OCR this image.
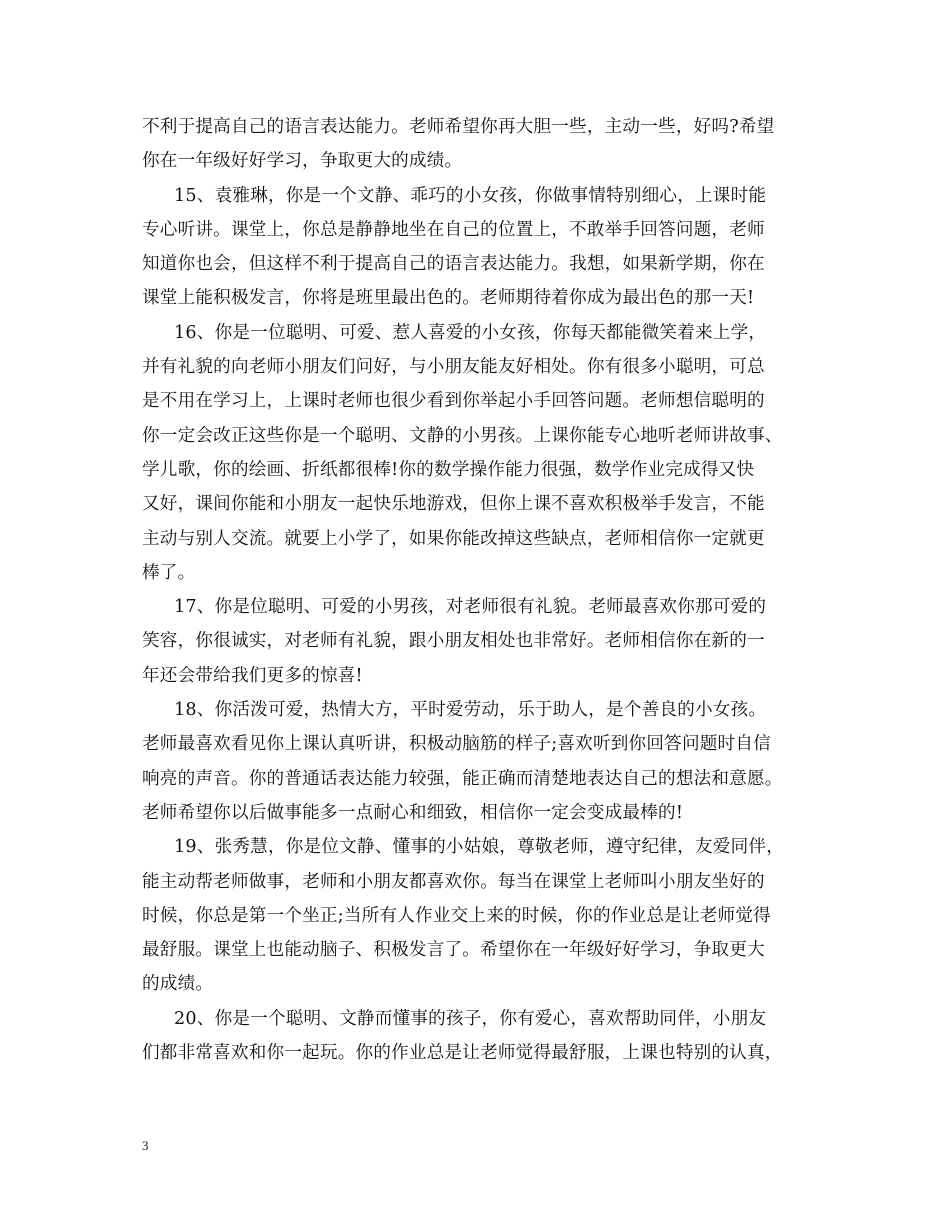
不利于提高自己的语言表达能力。老师希望你再大胆一些，主动一些，好吗?希望
你在一年级好好学习，争取更大的成绩。
15、袁雅琳，你是一个文静、乖巧的小女孩，你做事情特别细心，上课时能
专心听讲。课堂上，你总是静静地坐在自己的位置上，不敢举手回答问题，老师
知道你也会，但这样不利于提高自己的语言表达能力。我想，如果新学期，你在
课堂上能积极发言，你将是班里最出色的。老师期待着你成为最出色的那一天!
16、你是一位聪明、可爱、惹人喜爱的小女孩，你每天都能微笑着来上学，
并有礼貌的向老师小朋友们问好，与小朋友能友好相处。你有很多小聪明，可总
是不用在学习上，上课时老师也很少看到你举起小手回答问题。老师想信聪明的
你一定会改正这些你是一个聪明、文静的小男孩。上课你能专心地听老师讲故事、
学儿歌，你的绘画、折纸都很棒!你的数学操作能力很强，数学作业完成得又快
又好，课间你能和小朋友一起快乐地游戏，但你上课不喜欢积极举手发言，不能
主动与别人交流。就要上小学了，如果你能改掉这些缺点，老师相信你一定就更
棒了。
17、你是位聪明、可爱的小男孩，对老师很有礼貌。老师最喜欢你那可爱的
笑容，你很诚实，对老师有礼貌，跟小朋友相处也非常好。老师相信你在新的一
年还会带给我们更多的惊喜!
18、你活泼可爱，热情大方，平时爱劳动，乐于助人，是个善良的小女孩。
老师最喜欢看见你上课认真听讲，积极动脑筋的样子;喜欢听到你回答问题时自信
响亮的声音。你的普通话表达能力较强，能正确而清楚地表达自己的想法和意愿。
老师希望你以后做事能多一点耐心和细致，相信你一定会变成最棒的!
19、张秀慧，你是位文静、懂事的小姑娘，尊敬老师，遵守纪律，友爱同伴，
能主动帮老师做事，老师和小朋友都喜欢你。每当在课堂上老师叫小朋友坐好的
时候，你总是第一个坐正;当所有人作业交上来的时候，你的作业总是让老师觉得
最舒服。课堂上也能动脑子、积极发言了。希望你在一年级好好学习，争取更大
的成绩。
20、你是一个聪明、文静而懂事的孩子，你有爱心，喜欢帮助同伴，小朋友
们都非常喜欢和你一起玩。你的作业总是让老师觉得最舒服，上课也特别的认真，
3
